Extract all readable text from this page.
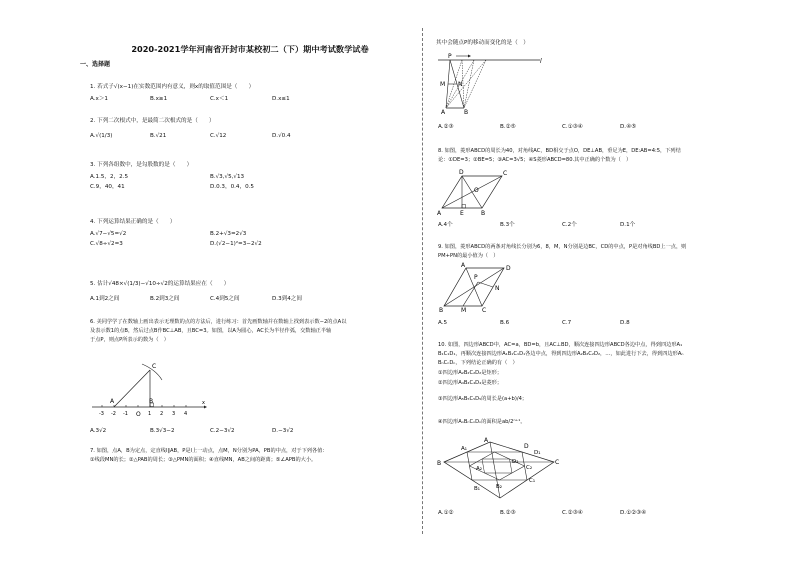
2020-2021学年河南省开封市某校初二（下）期中考试数学试卷
一、选择题
1. 若式子√(x−1)在实数范围内有意义，则x的取值范围是（　　）
A.x＞1	B.x≥1	C.x＜1	D.x≤1
2. 下列二次根式中，是最简二次根式的是（　　）
A.√(1/3)	B.√21	C.√12	D.√0.4
3. 下列各组数中，是勾股数的是（　　）
A.1.5，2，2.5	B.√3,√5,√13
C.9，40，41	D.0.3，0.4，0.5
4. 下列运算结果正确的是（　　）
A.√7−√5=√2	B.2+√3=2√3
C.√8÷√2=3	D.(√2−1)²=3−2√2
5. 估计√48×√(1/3)−√10÷√2的运算结果应在（　　）
A.1到2之间	B.2到3之间	C.4到5之间	D.3到4之间
6. 美同学学了在数轴上画出表示无理数的点的方法后，进行练习：首先画数轴并在数轴上找到表示数−2的点A以
及表示数1的点B，然后过点B作BC⊥AB，且BC=3。如图，以A为圆心，AC长为半径作弧，交数轴正半轴
于点P，则点P所表示的数为（　）
C
A
O
B
-3 -2 -1	1 2 3 4
x
A.3√2	B.3√3−2	C.2−3√2	D.−3√2
7. 如图，点A，B为定点，定直线l∥AB，P是l上一动点，点M，N分别为PA，PB的中点，对于下列各值：
①线段MN的长；②△PAB的周长；③△PMN的面积；④直线MN，AB之间的距离；⑤∠APB的大小。
其中会随点P的移动而变化的是（　）
P
l
M N
A	B
A.②③	B.②⑤	C.①③④	D.④⑤
8. 如图，菱形ABCD的周长为40，对角线AC，BD相交于点O，DE⊥AB，垂足为E，DE:AB=4:5，下列结
论：①DE=3；②BE=5；③AC=3√5；④S菱形ABCD=80.其中正确的个数为（　）
D	C
O
A	E	B
A.4个	B.3个	C.2个	D.1个
9. 如图，菱形ABCD的两条对角线长分别为6，8，M，N分别是边BC，CD的中点，P是对角线BD上一点，则
PM+PN的最小值为（　）
A	D
P
N
B	M	C
A.5	B.6	C.7	D.8
10. 如图，四边形ABCD中，AC=a，BD=b，且AC⊥BD，顺次连接四边形ABCD各边中点，得到四边形A₁
B₁C₁D₁，再顺次连接四边形A₁B₁C₁D₁各边中点，得到四边形A₂B₂C₂D₂，…，如此进行下去，得到四边形Aₙ
BₙCₙDₙ，下列结论正确的有（　）
①四边形A₂B₂C₂D₂是矩形；
②四边形A₄B₄C₄D₄是菱形；
③四边形A₅B₅C₅D₅的周长是(a+b)/4；
④四边形AₙBₙCₙDₙ的面积是ab/2ⁿ⁺¹。
A
A₁	D
D₁
A₂
D₂
B
C₂
C₁
C
B₂
B₁
A.①②	B.②③	C.②③④	D.①②③④
